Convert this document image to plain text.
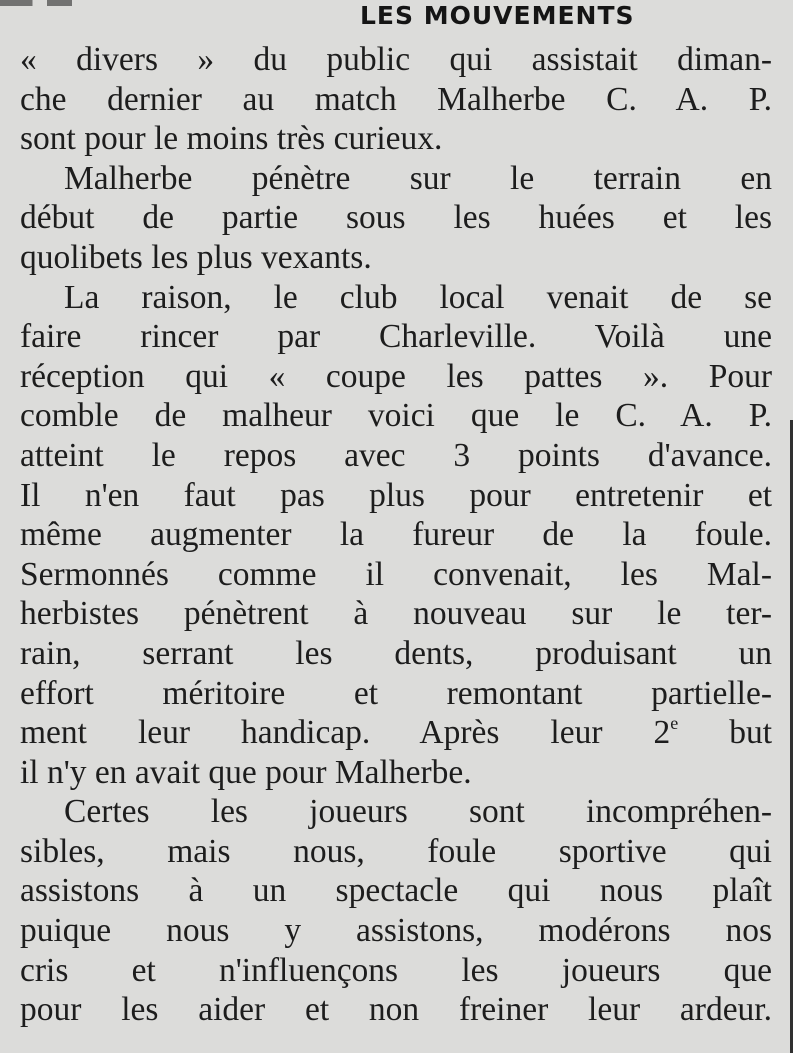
LES MOUVEMENTS
« divers » du public qui assistait diman-
che dernier au match Malherbe C. A. P.
sont pour le moins très curieux.
Malherbe pénètre sur le terrain en
début de partie sous les huées et les
quolibets les plus vexants.
La raison, le club local venait de se
faire rincer par Charleville. Voilà une
réception qui « coupe les pattes ». Pour
comble de malheur voici que le C. A. P.
atteint le repos avec 3 points d'avance.
Il n'en faut pas plus pour entretenir et
même augmenter la fureur de la foule.
Sermonnés comme il convenait, les Mal-
herbistes pénètrent à nouveau sur le ter-
rain, serrant les dents, produisant un
effort méritoire et remontant partielle-
ment leur handicap. Après leur 2e but
il n'y en avait que pour Malherbe.
Certes les joueurs sont incompréhen-
sibles, mais nous, foule sportive qui
assistons à un spectacle qui nous plaît
puique nous y assistons, modérons nos
cris et n'influençons les joueurs que
pour les aider et non freiner leur ardeur.
